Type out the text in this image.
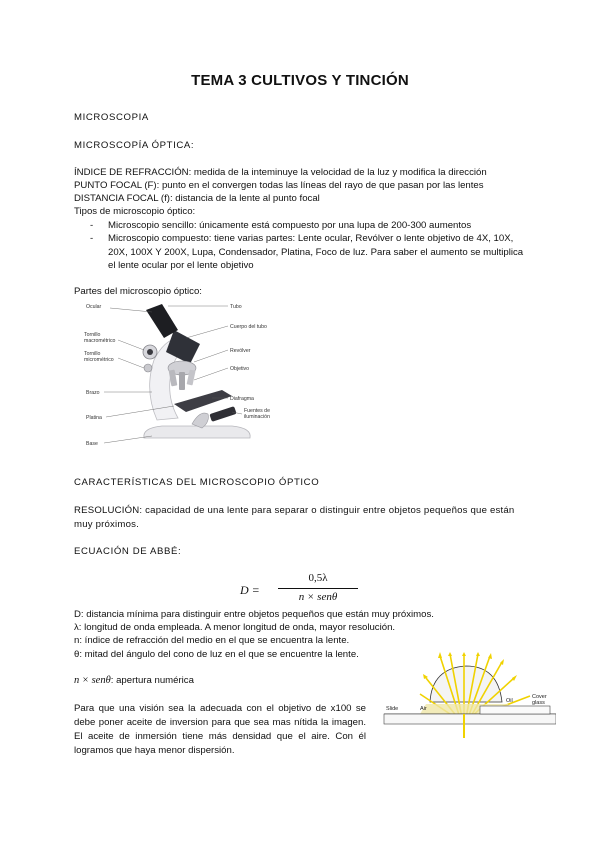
TEMA 3 CULTIVOS Y TINCIÓN
MICROSCOPIA
MICROSCOPÍA ÓPTICA:
ÍNDICE DE REFRACCIÓN: medida de la inteminuye la velocidad de la luz y modifica la dirección
PUNTO FOCAL (F): punto en el convergen todas las líneas del rayo de que pasan por las lentes
DISTANCIA FOCAL (f): distancia de la lente al punto focal
Tipos de microscopio óptico:
- Microscopio sencillo: únicamente está compuesto por una lupa de 200-300 aumentos
- Microscopio compuesto: tiene varias partes: Lente ocular, Revólver o lente objetivo de 4X, 10X, 20X, 100X Y 200X, Lupa, Condensador, Platina, Foco de luz. Para saber el aumento se multiplica el lente ocular por el lente objetivo
Partes del microscopio óptico:
Ocular
Tornillo macrométrico
Tornillo micrométrico
Brazo
Platina
Base
Tubo
Cuerpo del tubo
Revólver
Objetivo
Diafragma
Fuentes de iluminación
CARACTERÍSTICAS DEL MICROSCOPIO ÓPTICO
RESOLUCIÓN: capacidad de una lente para separar o distinguir entre objetos pequeños que están muy próximos.
ECUACIÓN DE ABBÉ:
D =
0,5λ
n × senθ
D: distancia mínima para distinguir entre objetos pequeños que están muy próximos.
λ: longitud de onda empleada. A menor longitud de onda, mayor resolución.
n: índice de refracción del medio en el que se encuentra la lente.
θ: mitad del ángulo del cono de luz en el que se encuentre la lente.
n × senθ: apertura numérica
Para que una visión sea la adecuada con el objetivo de x100 se debe poner aceite de inversion para que sea mas nítida la imagen. El aceite de inmersión tiene más densidad que el aire. Con él logramos que haya menor dispersión.
Slide	Air
Oil
Cover glass
